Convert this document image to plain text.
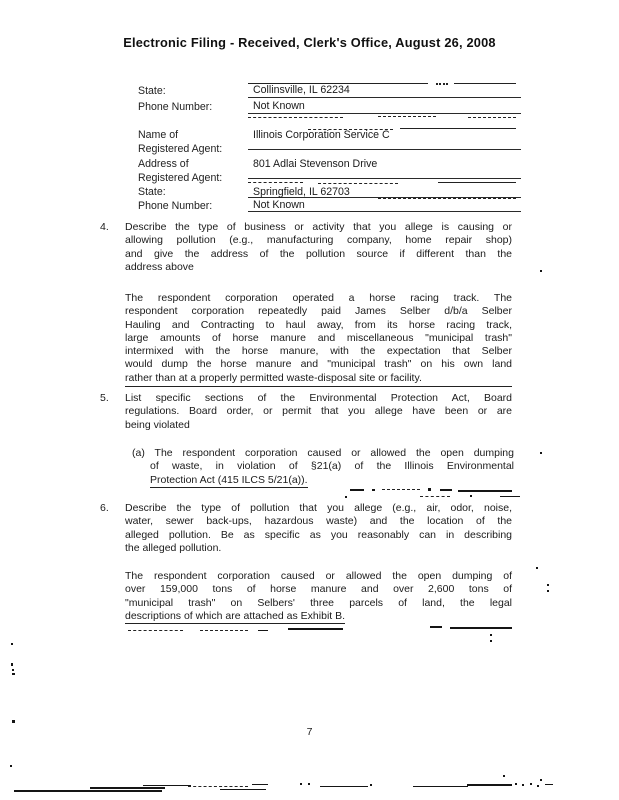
Electronic Filing - Received, Clerk's Office, August 26, 2008
State:	Collinsville, IL 62234
Phone Number:	Not Known
Name of
Registered Agent:
Illinois Corporation Service C
Address of
Registered Agent:
801 Adlai Stevenson Drive
State:	Springfield, IL 62703
Phone Number:	Not Known
4. Describe the type of business or activity that you allege is causing or
allowing pollution (e.g., manufacturing company, home repair shop)
and give the address of the pollution source if different than the
address above
The respondent corporation operated a horse racing track. The
respondent corporation repeatedly paid James Selber d/b/a Selber
Hauling and Contracting to haul away, from its horse racing track,
large amounts of horse manure and miscellaneous "municipal trash"
intermixed with the horse manure, with the expectation that Selber
would dump the horse manure and "municipal trash" on his own land
rather than at a properly permitted waste-disposal site or facility.
5. List specific sections of the Environmental Protection Act, Board
regulations. Board order, or permit that you allege have been or are
being violated
(a) The respondent corporation caused or allowed the open dumping
of waste, in violation of §21(a) of the Illinois Environmental
Protection Act (415 ILCS 5/21(a)).
6. Describe the type of pollution that you allege (e.g., air, odor, noise,
water, sewer back-ups, hazardous waste) and the location of the
alleged pollution. Be as specific as you reasonably can in describing
the alleged pollution.
The respondent corporation caused or allowed the open dumping of
over 159,000 tons of horse manure and over 2,600 tons of
"municipal trash" on Selbers' three parcels of land, the legal
descriptions of which are attached as Exhibit B.
7
